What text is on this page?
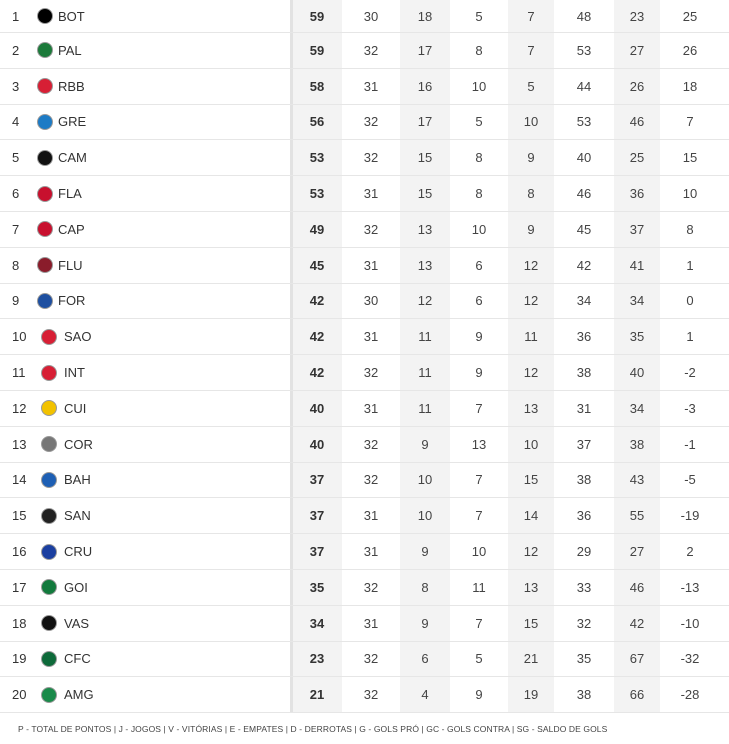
1	BOT	59	30	18	5	7	48	23	25
2	PAL	59	32	17	8	7	53	27	26
3	RBB	58	31	16	10	5	44	26	18
4	GRE	56	32	17	5	10	53	46	7
5	CAM	53	32	15	8	9	40	25	15
6	FLA	53	31	15	8	8	46	36	10
7	CAP	49	32	13	10	9	45	37	8
8	FLU	45	31	13	6	12	42	41	1
9	FOR	42	30	12	6	12	34	34	0
10	SAO	42	31	11	9	11	36	35	1
11	INT	42	32	11	9	12	38	40	-2
12	CUI	40	31	11	7	13	31	34	-3
13	COR	40	32	9	13	10	37	38	-1
14	BAH	37	32	10	7	15	38	43	-5
15	SAN	37	31	10	7	14	36	55	-19
16	CRU	37	31	9	10	12	29	27	2
17	GOI	35	32	8	11	13	33	46	-13
18	VAS	34	31	9	7	15	32	42	-10
19	CFC	23	32	6	5	21	35	67	-32
20	AMG	21	32	4	9	19	38	66	-28
P - TOTAL DE PONTOS | J - JOGOS | V - VITÓRIAS | E - EMPATES | D - DERROTAS | G - GOLS PRÓ | GC - GOLS CONTRA | SG - SALDO DE GOLS
